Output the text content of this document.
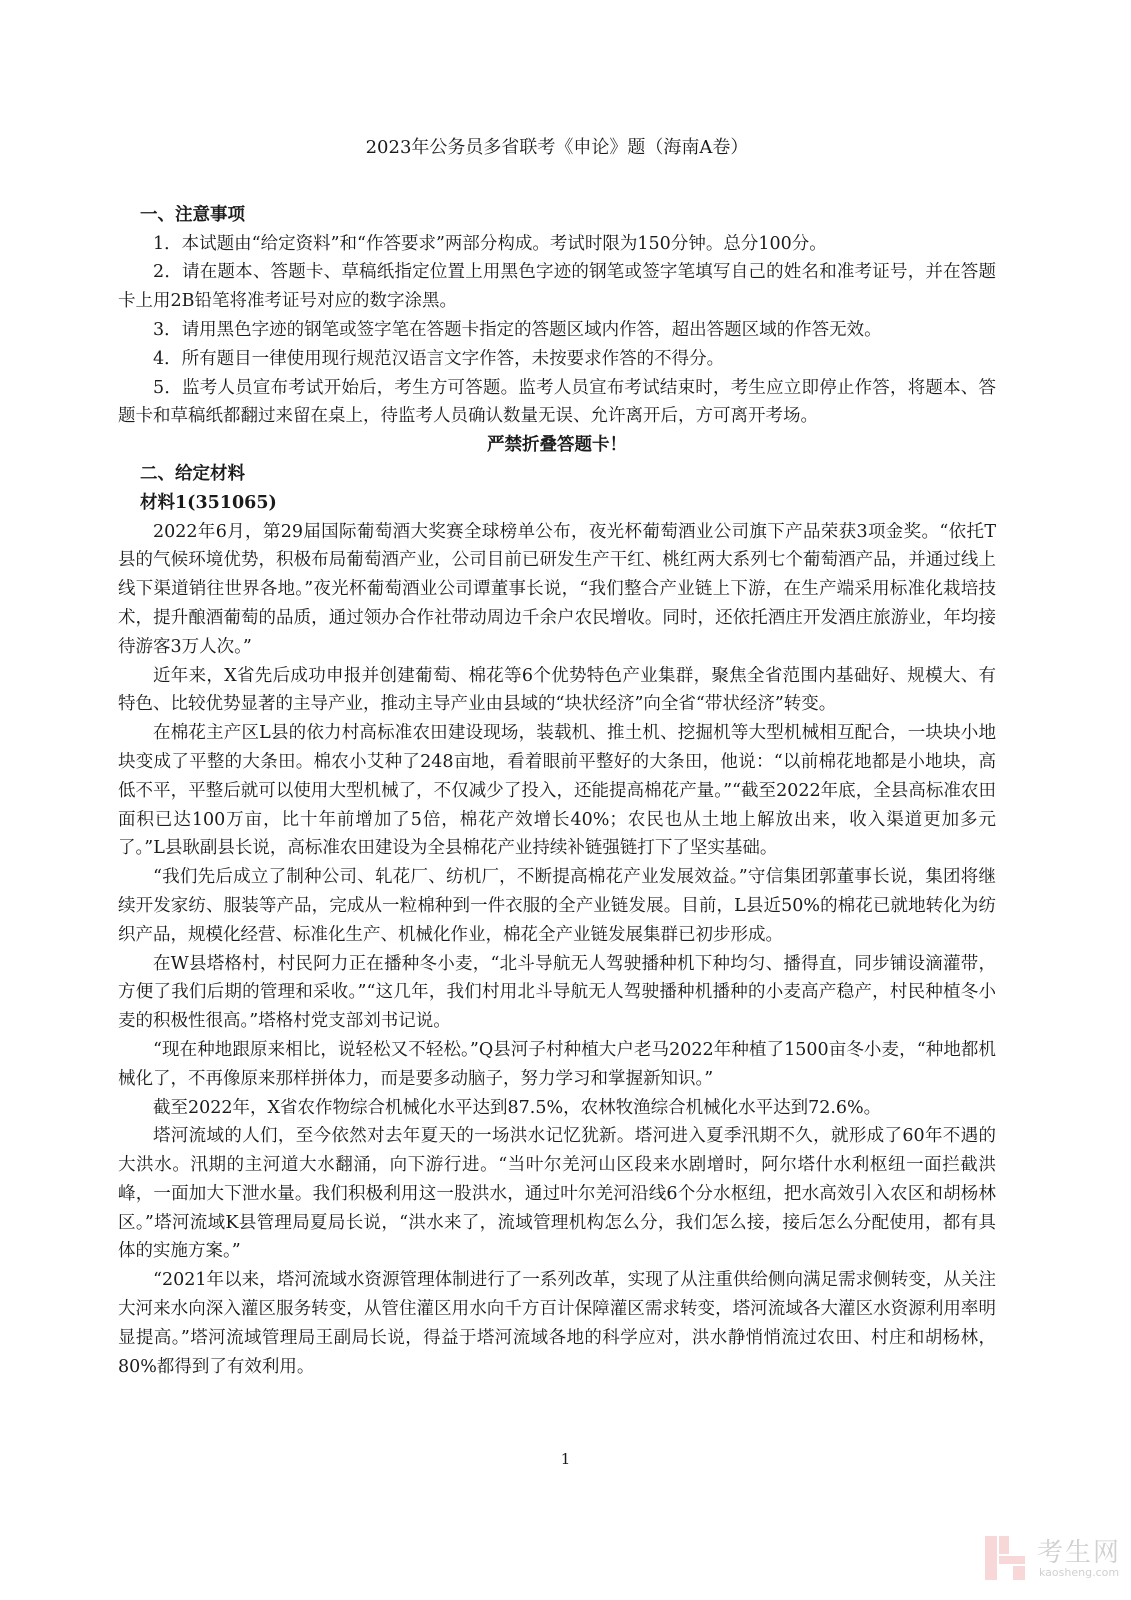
2023年公务员多省联考《申论》题（海南A卷）
一、注意事项

1．本试题由“给定资料”和“作答要求”两部分构成。考试时限为150分钟。总分100分。

2．请在题本、答题卡、草稿纸指定位置上用黑色字迹的钢笔或签字笔填写自己的姓名和准考证号，并在答题卡上用2B铅笔将准考证号对应的数字涂黑。

3．请用黑色字迹的钢笔或签字笔在答题卡指定的答题区域内作答，超出答题区域的作答无效。

4．所有题目一律使用现行规范汉语言文字作答，未按要求作答的不得分。

5．监考人员宣布考试开始后，考生方可答题。监考人员宣布考试结束时，考生应立即停止作答，将题本、答题卡和草稿纸都翻过来留在桌上，待监考人员确认数量无误、允许离开后，方可离开考场。

严禁折叠答题卡！

二、给定材料
材料1(351065)

2022年6月，第29届国际葡萄酒大奖赛全球榜单公布，夜光杯葡萄酒业公司旗下产品荣获3项金奖。“依托T县的气候环境优势，积极布局葡萄酒产业，公司目前已研发生产干红、桃红两大系列七个葡萄酒产品，并通过线上线下渠道销往世界各地。”夜光杯葡萄酒业公司谭董事长说，“我们整合产业链上下游，在生产端采用标准化栽培技术，提升酿酒葡萄的品质，通过领办合作社带动周边千余户农民增收。同时，还依托酒庄开发酒庄旅游业，年均接待游客3万人次。”

近年来，X省先后成功申报并创建葡萄、棉花等6个优势特色产业集群，聚焦全省范围内基础好、规模大、有特色、比较优势显著的主导产业，推动主导产业由县域的“块状经济”向全省“带状经济”转变。

在棉花主产区L县的依力村高标准农田建设现场，装载机、推土机、挖掘机等大型机械相互配合，一块块小地块变成了平整的大条田。棉农小艾种了248亩地，看着眼前平整好的大条田，他说：“以前棉花地都是小地块，高低不平，平整后就可以使用大型机械了，不仅减少了投入，还能提高棉花产量。”“截至2022年底，全县高标准农田面积已达100万亩，比十年前增加了5倍，棉花产效增长40%；农民也从土地上解放出来，收入渠道更加多元了。”L县耿副县长说，高标准农田建设为全县棉花产业持续补链强链打下了坚实基础。

“我们先后成立了制种公司、轧花厂、纺机厂，不断提高棉花产业发展效益。”守信集团郭董事长说，集团将继续开发家纺、服装等产品，完成从一粒棉种到一件衣服的全产业链发展。目前，L县近50%的棉花已就地转化为纺织产品，规模化经营、标准化生产、机械化作业，棉花全产业链发展集群已初步形成。

在W县塔格村，村民阿力正在播种冬小麦，“北斗导航无人驾驶播种机下种均匀、播得直，同步铺设滴灌带，方便了我们后期的管理和采收。”“这几年，我们村用北斗导航无人驾驶播种机播种的小麦高产稳产，村民种植冬小麦的积极性很高。”塔格村党支部刘书记说。

“现在种地跟原来相比，说轻松又不轻松。”Q县河子村种植大户老马2022年种植了1500亩冬小麦，“种地都机械化了，不再像原来那样拼体力，而是要多动脑子，努力学习和掌握新知识。”

截至2022年，X省农作物综合机械化水平达到87.5%，农林牧渔综合机械化水平达到72.6%。

塔河流域的人们，至今依然对去年夏天的一场洪水记忆犹新。塔河进入夏季汛期不久，就形成了60年不遇的大洪水。汛期的主河道大水翻涌，向下游行进。“当叶尔羌河山区段来水剧增时，阿尔塔什水利枢纽一面拦截洪峰，一面加大下泄水量。我们积极利用这一股洪水，通过叶尔羌河沿线6个分水枢纽，把水高效引入农区和胡杨林区。”塔河流域K县管理局夏局长说，“洪水来了，流域管理机构怎么分，我们怎么接，接后怎么分配使用，都有具体的实施方案。”

“2021年以来，塔河流域水资源管理体制进行了一系列改革，实现了从注重供给侧向满足需求侧转变，从关注大河来水向深入灌区服务转变，从管住灌区用水向千方百计保障灌区需求转变，塔河流域各大灌区水资源利用率明显提高。”塔河流域管理局王副局长说，得益于塔河流域各地的科学应对，洪水静悄悄流过农田、村庄和胡杨林，80%都得到了有效利用。

1
考生网
kaosheng.com
